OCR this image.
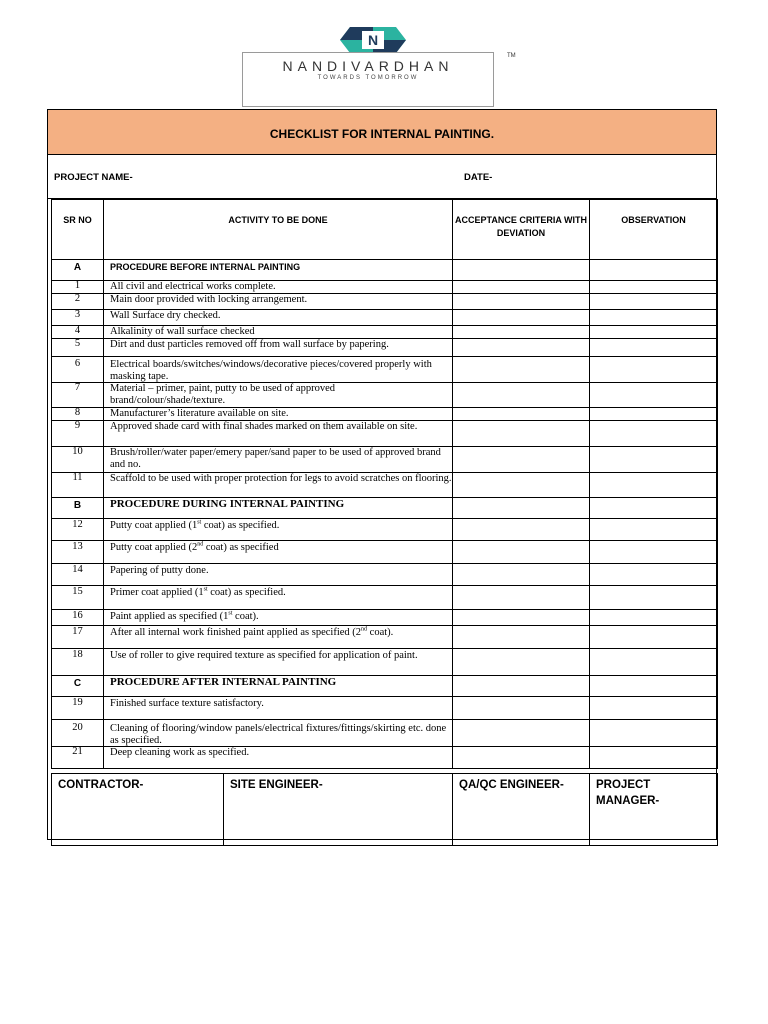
N
NANDIVARDHAN
TOWARDS TOMORROW
TM
CHECKLIST FOR INTERNAL PAINTING.
PROJECT NAME-	DATE-
SR NO	ACTIVITY TO BE DONE	ACCEPTANCE CRITERIA WITH DEVIATION	OBSERVATION
A	PROCEDURE BEFORE INTERNAL PAINTING		
1	All civil and electrical works complete.		
2	Main door provided with locking arrangement.		
3	Wall Surface dry checked.		
4	Alkalinity of wall surface checked		
5	Dirt and dust particles removed off from wall surface by papering.		
6	Electrical boards/switches/windows/decorative pieces/covered properly with masking tape.		
7	Material – primer, paint, putty to be used of approved brand/colour/shade/texture.		
8	Manufacturer’s literature available on site.		
9	Approved shade card with final shades marked on them available on site.		
10	Brush/roller/water paper/emery paper/sand paper to be used of approved brand and no.		
11	Scaffold to be used with proper protection for legs to avoid scratches on flooring.		
B	PROCEDURE DURING INTERNAL PAINTING		
12	Putty coat applied (1st coat) as specified.		
13	Putty coat applied (2nd coat) as specified		
14	Papering of putty done.		
15	Primer coat applied (1st coat) as specified.		
16	Paint applied as specified (1st coat).		
17	After all internal work finished paint applied as specified (2nd coat).		
18	Use of roller to give required texture as specified for application of paint.		
C	PROCEDURE AFTER INTERNAL PAINTING		
19	Finished surface texture satisfactory.		
20	Cleaning of flooring/window panels/electrical fixtures/fittings/skirting etc. done as specified.		
21	Deep cleaning work as specified.		
CONTRACTOR-	SITE ENGINEER-	QA/QC ENGINEER-	PROJECT MANAGER-
